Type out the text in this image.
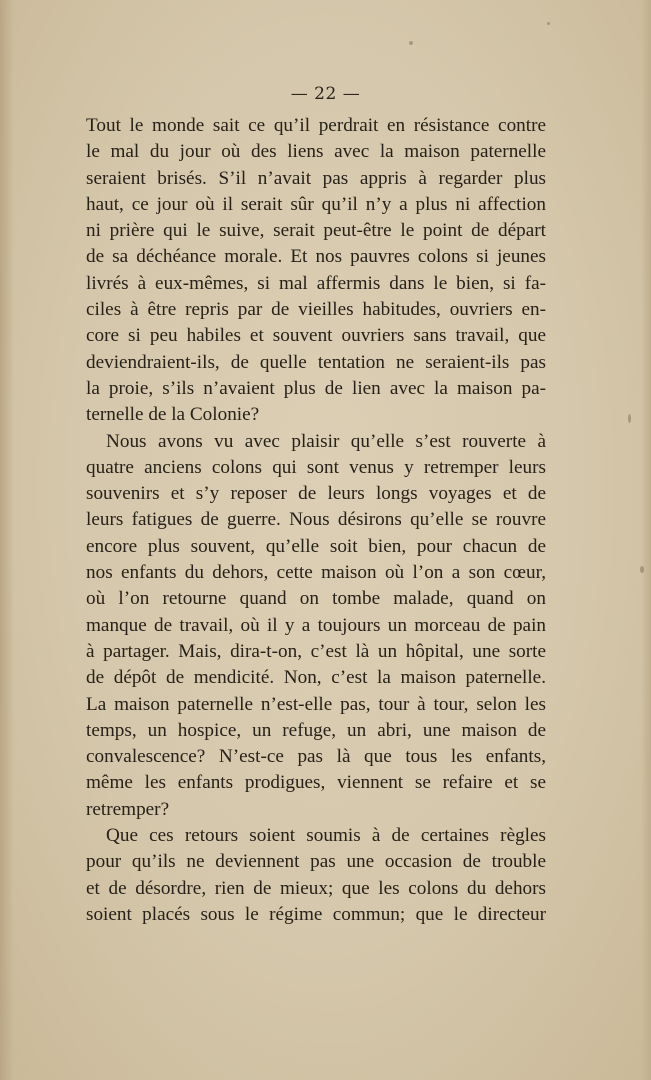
— 22 —
Tout le monde sait ce qu’il perdrait en résistance contre
le mal du jour où des liens avec la maison paternelle
seraient brisés. S’il n’avait pas appris à regarder plus
haut, ce jour où il serait sûr qu’il n’y a plus ni affection
ni prière qui le suive, serait peut-être le point de départ
de sa déchéance morale. Et nos pauvres colons si jeunes
livrés à eux-mêmes, si mal affermis dans le bien, si fa-
ciles à être repris par de vieilles habitudes, ouvriers en-
core si peu habiles et souvent ouvriers sans travail, que
deviendraient-ils, de quelle tentation ne seraient-ils pas
la proie, s’ils n’avaient plus de lien avec la maison pa-
ternelle de la Colonie?
Nous avons vu avec plaisir qu’elle s’est rouverte à
quatre anciens colons qui sont venus y retremper leurs
souvenirs et s’y reposer de leurs longs voyages et de
leurs fatigues de guerre. Nous désirons qu’elle se rouvre
encore plus souvent, qu’elle soit bien, pour chacun de
nos enfants du dehors, cette maison où l’on a son cœur,
où l’on retourne quand on tombe malade, quand on
manque de travail, où il y a toujours un morceau de pain
à partager. Mais, dira-t-on, c’est là un hôpital, une sorte
de dépôt de mendicité. Non, c’est la maison paternelle.
La maison paternelle n’est-elle pas, tour à tour, selon les
temps, un hospice, un refuge, un abri, une maison de
convalescence? N’est-ce pas là que tous les enfants,
même les enfants prodigues, viennent se refaire et se
retremper?
Que ces retours soient soumis à de certaines règles
pour qu’ils ne deviennent pas une occasion de trouble
et de désordre, rien de mieux; que les colons du dehors
soient placés sous le régime commun; que le directeur
